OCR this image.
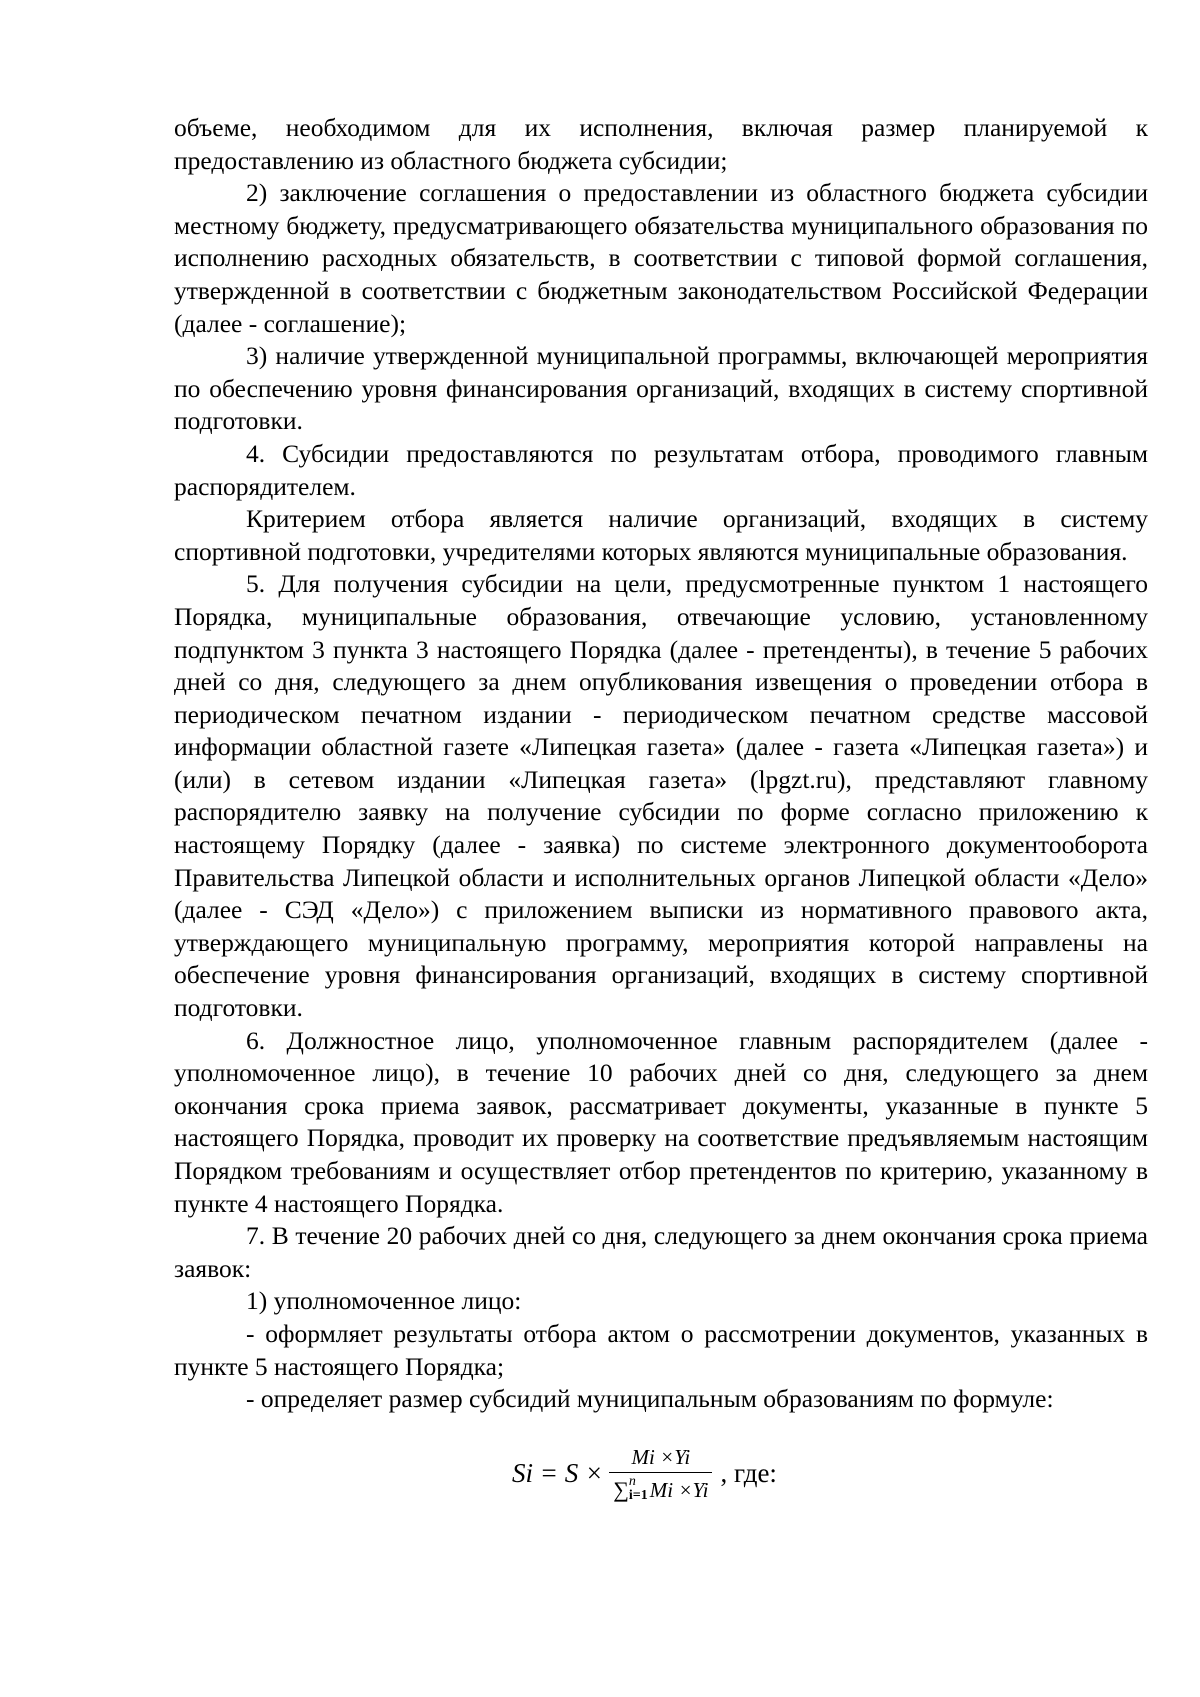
объеме, необходимом для их исполнения, включая размер планируемой к предоставлению из областного бюджета субсидии;

2) заключение соглашения о предоставлении из областного бюджета субсидии местному бюджету, предусматривающего обязательства муниципального образования по исполнению расходных обязательств, в соответствии с типовой формой соглашения, утвержденной в соответствии с бюджетным законодательством Российской Федерации (далее - соглашение);

3) наличие утвержденной муниципальной программы, включающей мероприятия по обеспечению уровня финансирования организаций, входящих в систему спортивной подготовки.

4. Субсидии предоставляются по результатам отбора, проводимого главным распорядителем.

Критерием отбора является наличие организаций, входящих в систему спортивной подготовки, учредителями которых являются муниципальные образования.

5. Для получения субсидии на цели, предусмотренные пунктом 1 настоящего Порядка, муниципальные образования, отвечающие условию, установленному подпунктом 3 пункта 3 настоящего Порядка (далее - претенденты), в течение 5 рабочих дней со дня, следующего за днем опубликования извещения о проведении отбора в периодическом печатном издании - периодическом печатном средстве массовой информации областной газете «Липецкая газета» (далее - газета «Липецкая газета») и (или) в сетевом издании «Липецкая газета» (lpgzt.ru), представляют главному распорядителю заявку на получение субсидии по форме согласно приложению к настоящему Порядку (далее - заявка) по системе электронного документооборота Правительства Липецкой области и исполнительных органов Липецкой области «Дело» (далее - СЭД «Дело») с приложением выписки из нормативного правового акта, утверждающего муниципальную программу, мероприятия которой направлены на обеспечение уровня финансирования организаций, входящих в систему спортивной подготовки.

6. Должностное лицо, уполномоченное главным распорядителем (далее - уполномоченное лицо), в течение 10 рабочих дней со дня, следующего за днем окончания срока приема заявок, рассматривает документы, указанные в пункте 5 настоящего Порядка, проводит их проверку на соответствие предъявляемым настоящим Порядком требованиям и осуществляет отбор претендентов по критерию, указанному в пункте 4 настоящего Порядка.

7. В течение 20 рабочих дней со дня, следующего за днем окончания срока приема заявок:

1) уполномоченное лицо:

- оформляет результаты отбора актом о рассмотрении документов, указанных в пункте 5 настоящего Порядка;

- определяет размер субсидий муниципальным образованиям по формуле:

Si = S × Mi ×Yi
∑ n
i=1 Mi ×Yi , где:
